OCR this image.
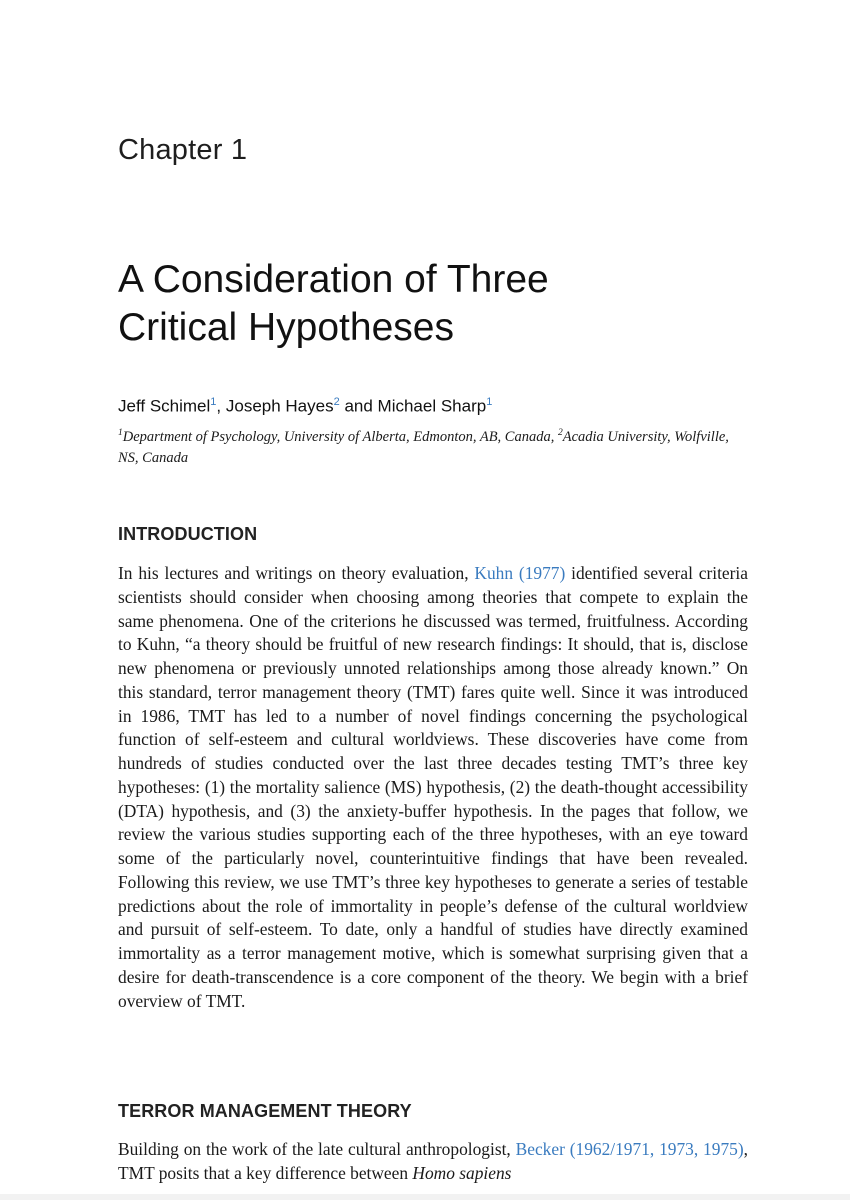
Chapter 1
A Consideration of Three
Critical Hypotheses

Jeff Schimel$^1$, Joseph Hayes$^2$ and Michael Sharp$^1$

$^1$Department of Psychology, University of Alberta, Edmonton, AB, Canada, $^2$Acadia University, Wolfville, NS, Canada

INTRODUCTION

In his lectures and writings on theory evaluation, Kuhn (1977) identified several criteria scientists should consider when choosing among theories that compete to explain the same phenomena. One of the criterions he discussed was termed, fruitfulness. According to Kuhn, “a theory should be fruitful of new research findings: It should, that is, disclose new phenomena or previously unnoted relationships among those already known.” On this standard, terror management theory (TMT) fares quite well. Since it was introduced in 1986, TMT has led to a number of novel findings concerning the psychological function of self-esteem and cultural worldviews. These discoveries have come from hundreds of studies conducted over the last three decades testing TMT’s three key hypotheses: (1) the mortality salience (MS) hypothesis, (2) the death-thought accessibility (DTA) hypothesis, and (3) the anxiety-buffer hypothesis. In the pages that follow, we review the various studies supporting each of the three hypotheses, with an eye toward some of the particularly novel, counterintuitive findings that have been revealed. Following this review, we use TMT’s three key hypotheses to generate a series of testable predictions about the role of immortality in people’s defense of the cultural worldview and pursuit of self-esteem. To date, only a handful of studies have directly examined immortality as a terror management motive, which is somewhat surprising given that a desire for death-transcendence is a core component of the theory. We begin with a brief overview of TMT.

TERROR MANAGEMENT THEORY

Building on the work of the late cultural anthropologist, Becker (1962/1971, 1973, 1975), TMT posits that a key difference between Homo sapiens
